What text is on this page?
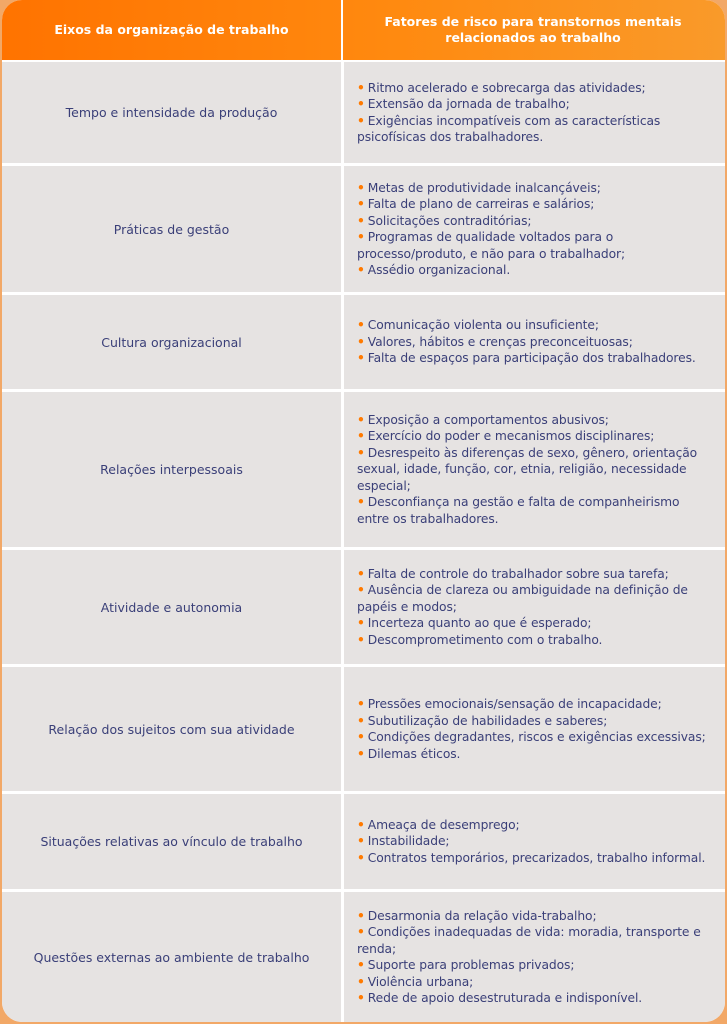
Eixos da organização de trabalho
Fatores de risco para transtornos mentais relacionados ao trabalho
Tempo e intensidade da produção
• Ritmo acelerado e sobrecarga das atividades;
• Extensão da jornada de trabalho;
• Exigências incompatíveis com as características psicofísicas dos trabalhadores.
Práticas de gestão
• Metas de produtividade inalcançáveis;
• Falta de plano de carreiras e salários;
• Solicitações contraditórias;
• Programas de qualidade voltados para o processo/produto, e não para o trabalhador;
• Assédio organizacional.
Cultura organizacional
• Comunicação violenta ou insuficiente;
• Valores, hábitos e crenças preconceituosas;
• Falta de espaços para participação dos trabalhadores.
Relações interpessoais
• Exposição a comportamentos abusivos;
• Exercício do poder e mecanismos disciplinares;
• Desrespeito às diferenças de sexo, gênero, orientação sexual, idade, função, cor, etnia, religião, necessidade especial;
• Desconfiança na gestão e falta de companheirismo entre os trabalhadores.
Atividade e autonomia
• Falta de controle do trabalhador sobre sua tarefa;
• Ausência de clareza ou ambiguidade na definição de papéis e modos;
• Incerteza quanto ao que é esperado;
• Descomprometimento com o trabalho.
Relação dos sujeitos com sua atividade
• Pressões emocionais/sensação de incapacidade;
• Subutilização de habilidades e saberes;
• Condições degradantes, riscos e exigências excessivas;
• Dilemas éticos.
Situações relativas ao vínculo de trabalho
• Ameaça de desemprego;
• Instabilidade;
• Contratos temporários, precarizados, trabalho informal.
Questões externas ao ambiente de trabalho
• Desarmonia da relação vida-trabalho;
• Condições inadequadas de vida: moradia, transporte e renda;
• Suporte para problemas privados;
• Violência urbana;
• Rede de apoio desestruturada e indisponível.
